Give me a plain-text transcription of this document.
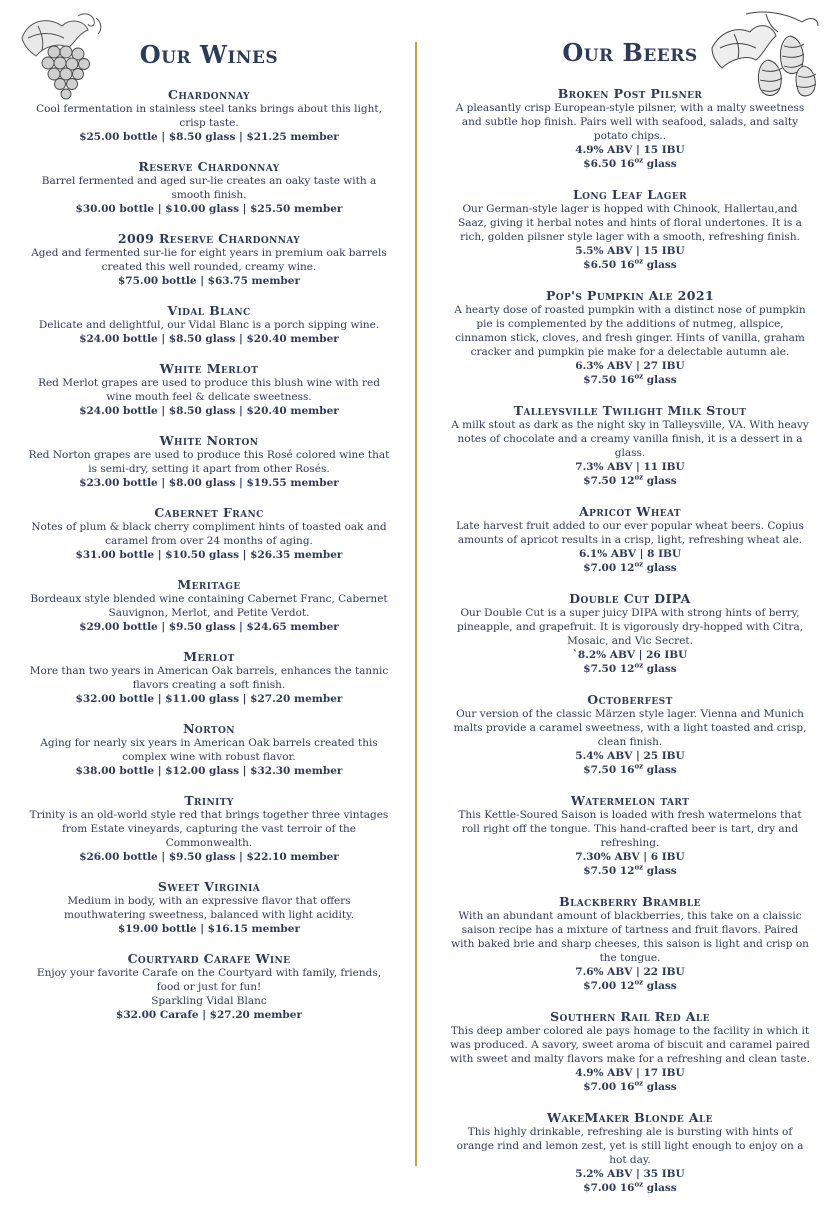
Our Wines
Chardonnay

Cool fermentation in stainless steel tanks brings about this light, crisp taste.

$25.00 bottle | $8.50 glass | $21.25 member

Reserve Chardonnay

Barrel fermented and aged sur-lie creates an oaky taste with a smooth finish.

$30.00 bottle | $10.00 glass | $25.50 member

2009 Reserve Chardonnay

Aged and fermented sur-lie for eight years in premium oak barrels created this well rounded, creamy wine.

$75.00 bottle | $63.75 member

Vidal Blanc

Delicate and delightful, our Vidal Blanc is a porch sipping wine.

$24.00 bottle | $8.50 glass | $20.40 member

White Merlot

Red Merlot grapes are used to produce this blush wine with red wine mouth feel & delicate sweetness.

$24.00 bottle | $8.50 glass | $20.40 member

White Norton

Red Norton grapes are used to produce this Rosé colored wine that is semi-dry, setting it apart from other Rosés.

$23.00 bottle | $8.00 glass | $19.55 member

Cabernet Franc

Notes of plum & black cherry compliment hints of toasted oak and caramel from over 24 months of aging.

$31.00 bottle | $10.50 glass | $26.35 member

Meritage

Bordeaux style blended wine containing Cabernet Franc, Cabernet Sauvignon, Merlot, and Petite Verdot.

$29.00 bottle | $9.50 glass | $24.65 member

Merlot

More than two years in American Oak barrels, enhances the tannic flavors creating a soft finish.

$32.00 bottle | $11.00 glass | $27.20 member

Norton

Aging for nearly six years in American Oak barrels created this complex wine with robust flavor.

$38.00 bottle | $12.00 glass | $32.30 member

Trinity

Trinity is an old-world style red that brings together three vintages from Estate vineyards, capturing the vast terroir of the Commonwealth.

$26.00 bottle | $9.50 glass | $22.10 member

Sweet Virginia

Medium in body, with an expressive flavor that offers mouthwatering sweetness, balanced with light acidity.

$19.00 bottle | $16.15 member

Courtyard Carafe Wine

Enjoy your favorite Carafe on the Courtyard with family, friends, food or just for fun!

Sparkling Vidal Blanc

$32.00 Carafe | $27.20 member

Our Beers
Broken Post Pilsner

A pleasantly crisp European-style pilsner, with a malty sweetness and subtle hop finish. Pairs well with seafood, salads, and salty potato chips..

4.9% ABV | 15 IBU

$6.50 $16^{oz}$ glass

Long Leaf Lager

Our German-style lager is hopped with Chinook, Hallertau,and Saaz, giving it herbal notes and hints of floral undertones. It is a rich, golden pilsner style lager with a smooth, refreshing finish.

5.5% ABV | 15 IBU

$6.50 $16^{oz}$ glass

Pop's Pumpkin Ale 2021

A hearty dose of roasted pumpkin with a distinct nose of pumpkin pie is complemented by the additions of nutmeg, allspice, cinnamon stick, cloves, and fresh ginger. Hints of vanilla, graham cracker and pumpkin pie make for a delectable autumn ale.

6.3% ABV | 27 IBU

$7.50 $16^{oz}$ glass

Talleysville Twilight Milk Stout

A milk stout as dark as the night sky in Talleysville, VA. With heavy notes of chocolate and a creamy vanilla finish, it is a dessert in a glass.

7.3% ABV | 11 IBU

$7.50 $12^{oz}$ glass

Apricot Wheat

Late harvest fruit added to our ever popular wheat beers. Copius amounts of apricot results in a crisp, light, refreshing wheat ale.

6.1% ABV | 8 IBU

$7.00 $12^{oz}$ glass

Double Cut DIPA

Our Double Cut is a super juicy DIPA with strong hints of berry, pineapple, and grapefruit. It is vigorously dry-hopped with Citra, Mosaic, and Vic Secret.

`8.2% ABV | 26 IBU

$7.50 $12^{oz}$ glass

Octoberfest

Our version of the classic Märzen style lager. Vienna and Munich malts provide a caramel sweetness, with a light toasted and crisp, clean finish.

5.4% ABV | 25 IBU

$7.50 $16^{oz}$ glass

Watermelon tart

This Kettle-Soured Saison is loaded with fresh watermelons that roll right off the tongue. This hand-crafted beer is tart, dry and refreshing.

7.30% ABV | 6 IBU

$7.50 $12^{oz}$ glass

Blackberry Bramble

With an abundant amount of blackberries, this take on a claissic saison recipe has a mixture of tartness and fruit flavors. Paired with baked brie and sharp cheeses, this saison is light and crisp on the tongue.

7.6% ABV | 22 IBU

$7.00 $12^{oz}$ glass

Southern Rail Red Ale

This deep amber colored ale pays homage to the facility in which it was produced. A savory, sweet aroma of biscuit and caramel paired with sweet and malty flavors make for a refreshing and clean taste.

4.9% ABV | 17 IBU

$7.00 $16^{oz}$ glass

WakeMaker Blonde Ale

This highly drinkable, refreshing ale is bursting with hints of orange rind and lemon zest, yet is still light enough to enjoy on a hot day.

5.2% ABV | 35 IBU

$7.00 $16^{oz}$ glass
